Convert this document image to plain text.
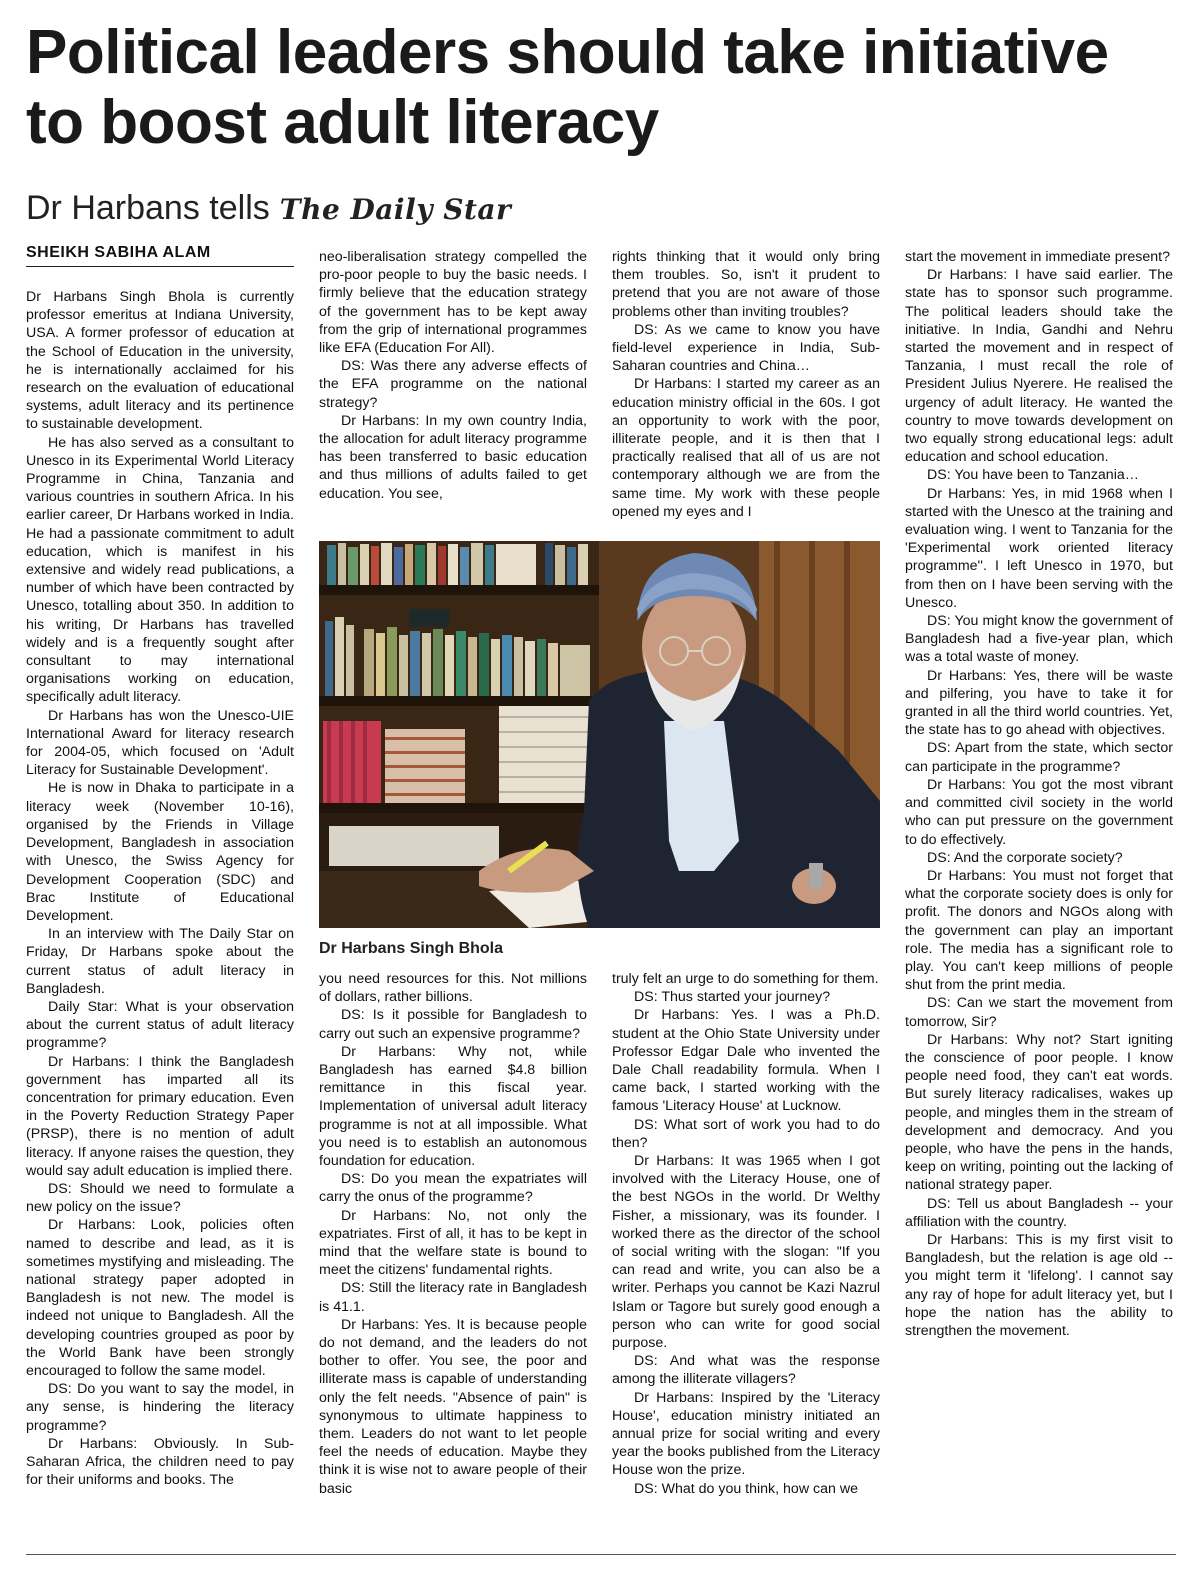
Political leaders should take initiative
to boost adult literacy
Dr Harbans tells The Daily Star
SHEIKH SABIHA ALAM

Dr Harbans Singh Bhola is currently professor emeritus at Indiana University, USA. A former professor of education at the School of Education in the university, he is internationally acclaimed for his research on the evaluation of educational systems, adult literacy and its pertinence to sustainable development.

He has also served as a consultant to Unesco in its Experimental World Literacy Programme in China, Tanzania and various countries in southern Africa. In his earlier career, Dr Harbans worked in India. He had a passionate commitment to adult education, which is manifest in his extensive and widely read publications, a number of which have been contracted by Unesco, totalling about 350. In addition to his writing, Dr Harbans has travelled widely and is a frequently sought after consultant to may international organisations working on education, specifically adult literacy.

Dr Harbans has won the Unesco-UIE International Award for literacy research for 2004-05, which focused on 'Adult Literacy for Sustainable Development'.

He is now in Dhaka to participate in a literacy week (November 10-16), organised by the Friends in Village Development, Bangladesh in association with Unesco, the Swiss Agency for Development Cooperation (SDC) and Brac Institute of Educational Development.

In an interview with The Daily Star on Friday, Dr Harbans spoke about the current status of adult literacy in Bangladesh.

Daily Star: What is your observation about the current status of adult literacy programme?

Dr Harbans: I think the Bangladesh government has imparted all its concentration for primary education. Even in the Poverty Reduction Strategy Paper (PRSP), there is no mention of adult literacy. If anyone raises the question, they would say adult education is implied there.

DS: Should we need to formulate a new policy on the issue?

Dr Harbans: Look, policies often named to describe and lead, as it is sometimes mystifying and misleading. The national strategy paper adopted in Bangladesh is not new. The model is indeed not unique to Bangladesh. All the developing countries grouped as poor by the World Bank have been strongly encouraged to follow the same model.

DS: Do you want to say the model, in any sense, is hindering the literacy programme?

Dr Harbans: Obviously. In Sub-Saharan Africa, the children need to pay for their uniforms and books. The

neo-liberalisation strategy compelled the pro-poor people to buy the basic needs. I firmly believe that the education strategy of the government has to be kept away from the grip of international programmes like EFA (Education For All).

DS: Was there any adverse effects of the EFA programme on the national strategy?

Dr Harbans: In my own country India, the allocation for adult literacy programme has been transferred to basic education and thus millions of adults failed to get education. You see,

rights thinking that it would only bring them troubles. So, isn't it prudent to pretend that you are not aware of those problems other than inviting troubles?

DS: As we came to know you have field-level experience in India, Sub-Saharan countries and China…

Dr Harbans: I started my career as an education ministry official in the 60s. I got an opportunity to work with the poor, illiterate people, and it is then that I practically realised that all of us are not contemporary although we are from the same time. My work with these people opened my eyes and I

start the movement in immediate present?

Dr Harbans: I have said earlier. The state has to sponsor such programme. The political leaders should take the initiative. In India, Gandhi and Nehru started the movement and in respect of Tanzania, I must recall the role of President Julius Nyerere. He realised the urgency of adult literacy. He wanted the country to move towards development on two equally strong educational legs: adult education and school education.

DS: You have been to Tanzania…

Dr Harbans: Yes, in mid 1968 when I started with the Unesco at the training and evaluation wing. I went to Tanzania for the 'Experimental work oriented literacy programme''. I left Unesco in 1970, but from then on I have been serving with the Unesco.

DS: You might know the government of Bangladesh had a five-year plan, which was a total waste of money.

Dr Harbans: Yes, there will be waste and pilfering, you have to take it for granted in all the third world countries. Yet, the state has to go ahead with objectives.

DS: Apart from the state, which sector can participate in the programme?

Dr Harbans: You got the most vibrant and committed civil society in the world who can put pressure on the government to do effectively.

DS: And the corporate society?

Dr Harbans: You must not forget that what the corporate society does is only for profit. The donors and NGOs along with the government can play an important role. The media has a significant role to play. You can't keep millions of people shut from the print media.

DS: Can we start the movement from tomorrow, Sir?

Dr Harbans: Why not? Start igniting the conscience of poor people. I know people need food, they can't eat words. But surely literacy radicalises, wakes up people, and mingles them in the stream of development and democracy. And you people, who have the pens in the hands, keep on writing, pointing out the lacking of national strategy paper.

DS: Tell us about Bangladesh -- your affiliation with the country.

Dr Harbans: This is my first visit to Bangladesh, but the relation is age old -- you might term it 'lifelong'. I cannot say any ray of hope for adult literacy yet, but I hope the nation has the ability to strengthen the movement.

Dr Harbans Singh Bhola

you need resources for this. Not millions of dollars, rather billions.

DS: Is it possible for Bangladesh to carry out such an expensive programme?

Dr Harbans: Why not, while Bangladesh has earned $4.8 billion remittance in this fiscal year. Implementation of universal adult literacy programme is not at all impossible. What you need is to establish an autonomous foundation for education.

DS: Do you mean the expatriates will carry the onus of the programme?

Dr Harbans: No, not only the expatriates. First of all, it has to be kept in mind that the welfare state is bound to meet the citizens' fundamental rights.

DS: Still the literacy rate in Bangladesh is 41.1.

Dr Harbans: Yes. It is because people do not demand, and the leaders do not bother to offer. You see, the poor and illiterate mass is capable of understanding only the felt needs. "Absence of pain" is synonymous to ultimate happiness to them. Leaders do not want to let people feel the needs of education. Maybe they think it is wise not to aware people of their basic

truly felt an urge to do something for them.

DS: Thus started your journey?

Dr Harbans: Yes. I was a Ph.D. student at the Ohio State University under Professor Edgar Dale who invented the Dale Chall readability formula. When I came back, I started working with the famous 'Literacy House' at Lucknow.

DS: What sort of work you had to do then?

Dr Harbans: It was 1965 when I got involved with the Literacy House, one of the best NGOs in the world. Dr Welthy Fisher, a missionary, was its founder. I worked there as the director of the school of social writing with the slogan: "If you can read and write, you can also be a writer. Perhaps you cannot be Kazi Nazrul Islam or Tagore but surely good enough a person who can write for good social purpose.

DS: And what was the response among the illiterate villagers?

Dr Harbans: Inspired by the 'Literacy House', education ministry initiated an annual prize for social writing and every year the books published from the Literacy House won the prize.

DS: What do you think, how can we
